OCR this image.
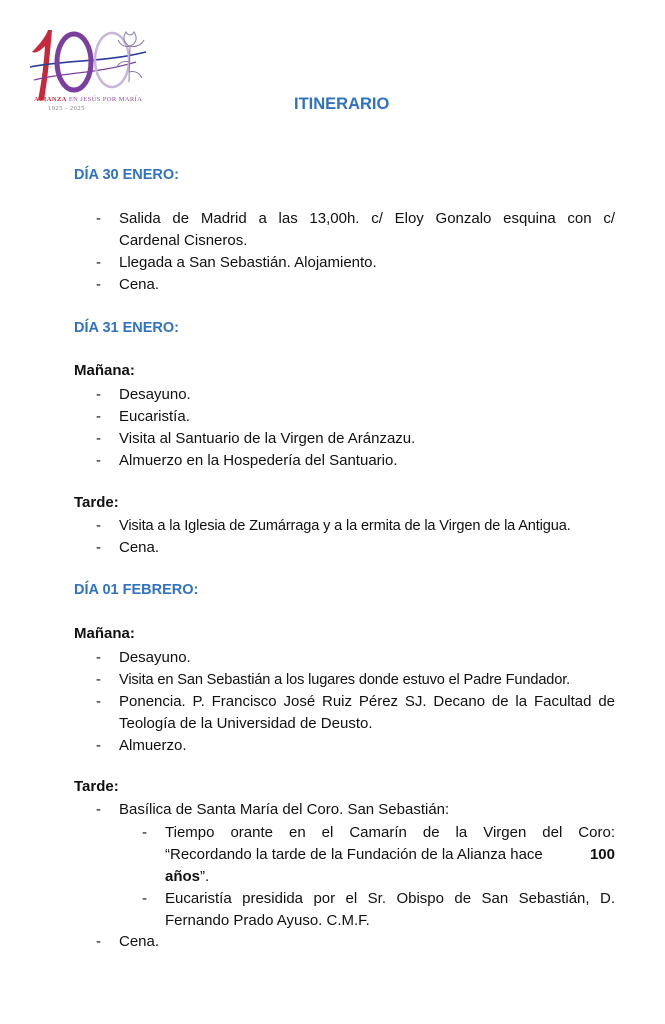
ALIANZA EN JESÚS POR MARÍA
1925 - 2025	ITINERARIO
DÍA 30 ENERO:
- Salida de Madrid a las 13,00h. c/ Eloy Gonzalo esquina con c/
Cardenal Cisneros.
- Llegada a San Sebastián. Alojamiento.
- Cena.
DÍA 31 ENERO:
Mañana:
- Desayuno.
- Eucaristía.
- Visita al Santuario de la Virgen de Aránzazu.
- Almuerzo en la Hospedería del Santuario.
Tarde:
- Visita a la Iglesia de Zumárraga y a la ermita de la Virgen de la Antigua.
- Cena.
DÍA 01 FEBRERO:
Mañana:
- Desayuno.
- Visita en San Sebastián a los lugares donde estuvo el Padre Fundador.
- Ponencia. P. Francisco José Ruiz Pérez SJ. Decano de la Facultad de
Teología de la Universidad de Deusto.
- Almuerzo.
Tarde:
- Basílica de Santa María del Coro. San Sebastián:
- Tiempo orante en el Camarín de la Virgen del Coro:
“Recordando la tarde de la Fundación de la Alianza hace	100
años”.
- Eucaristía presidida por el Sr. Obispo de San Sebastián, D.
Fernando Prado Ayuso. C.M.F.
- Cena.
